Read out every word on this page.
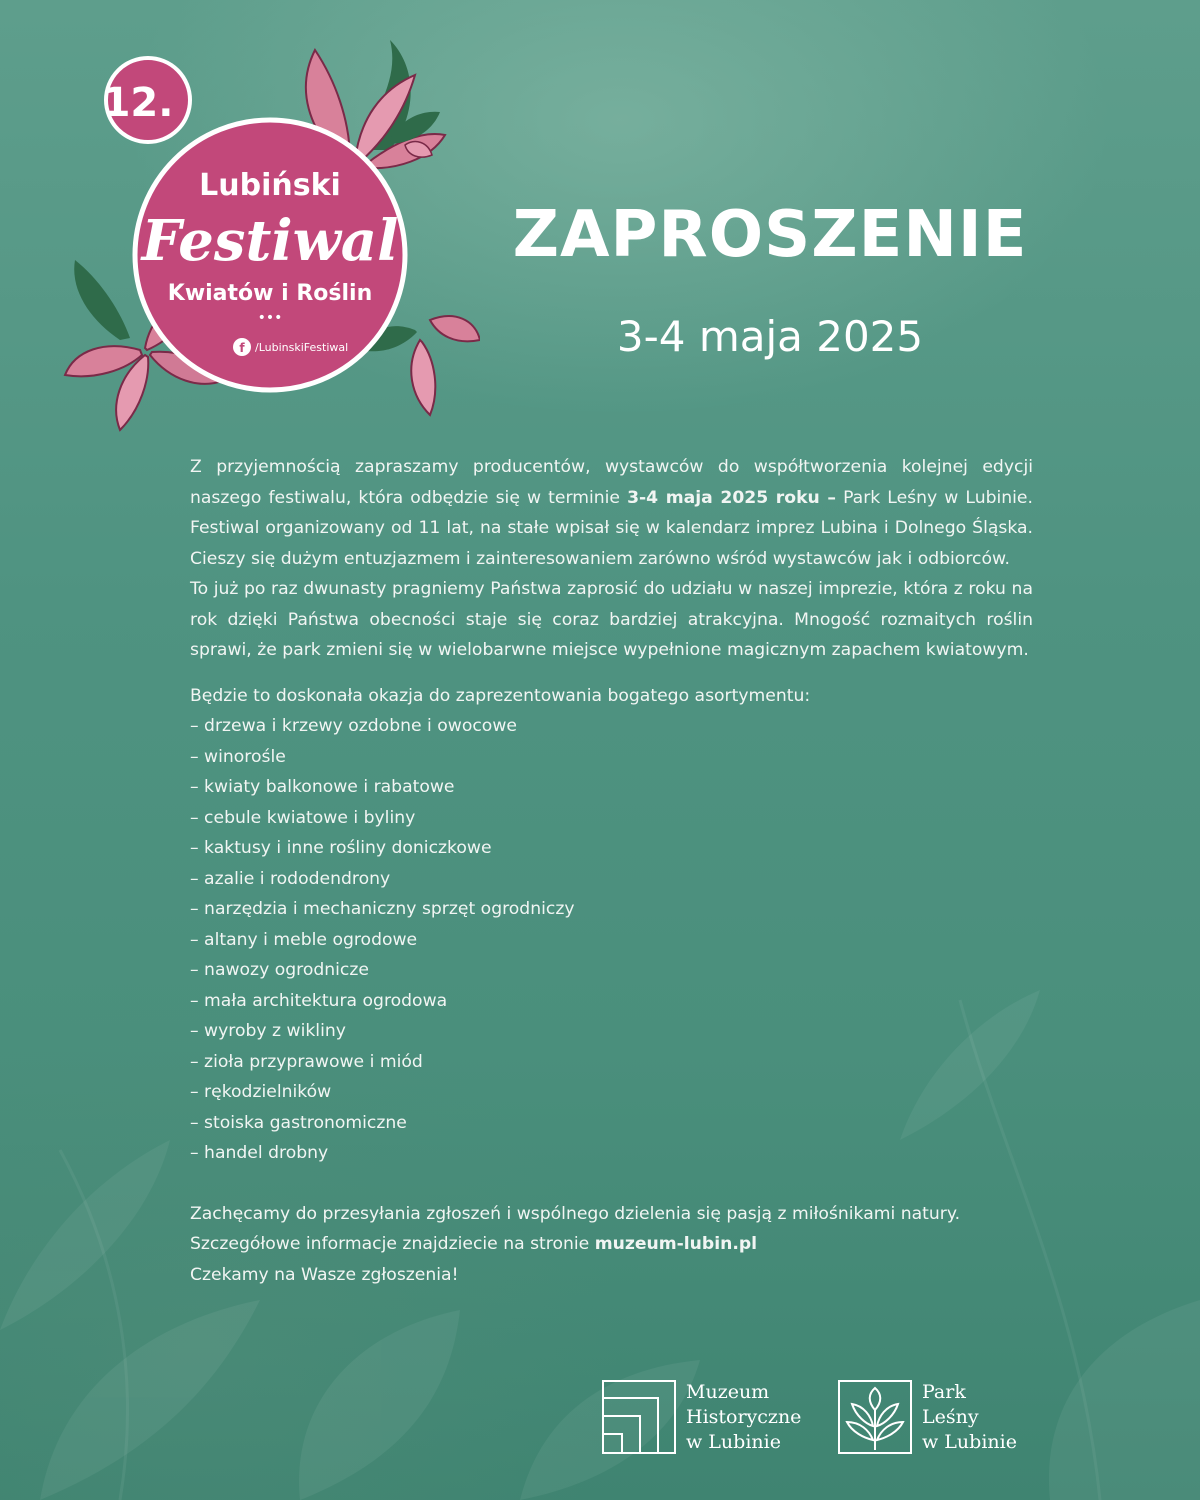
12.
Lubiński
Festiwal
Kwiatów i Roślin
•••
f /LubinskiFestiwal
ZAPROSZENIE
3-4 maja 2025

Z przyjemnością zapraszamy producentów, wystawców do współtworzenia kolejnej edycji naszego festiwalu, która odbędzie się w terminie 3-4 maja 2025 roku – Park Leśny w Lubinie. Festiwal organizowany od 11 lat, na stałe wpisał się w kalendarz imprez Lubina i Dolnego Śląska. Cieszy się dużym entuzjazmem i zainteresowaniem zarówno wśród wystawców jak i odbiorców.

To już po raz dwunasty pragniemy Państwa zaprosić do udziału w naszej imprezie, która z roku na rok dzięki Państwa obecności staje się coraz bardziej atrakcyjna. Mnogość rozmaitych roślin sprawi, że park zmieni się w wielobarwne miejsce wypełnione magicznym zapachem kwiatowym.

Będzie to doskonała okazja do zaprezentowania bogatego asortymentu:

– drzewa i krzewy ozdobne i owocowe
– winorośle
– kwiaty balkonowe i rabatowe
– cebule kwiatowe i byliny
– kaktusy i inne rośliny doniczkowe
– azalie i rododendrony
– narzędzia i mechaniczny sprzęt ogrodniczy
– altany i meble ogrodowe
– nawozy ogrodnicze
– mała architektura ogrodowa
– wyroby z wikliny
– zioła przyprawowe i miód
– rękodzielników
– stoiska gastronomiczne
– handel drobny

Zachęcamy do przesyłania zgłoszeń i wspólnego dzielenia się pasją z miłośnikami natury.

Szczegółowe informacje znajdziecie na stronie muzeum-lubin.pl

Czekamy na Wasze zgłoszenia!

Muzeum
Historyczne
w Lubinie
Park
Leśny
w Lubinie
